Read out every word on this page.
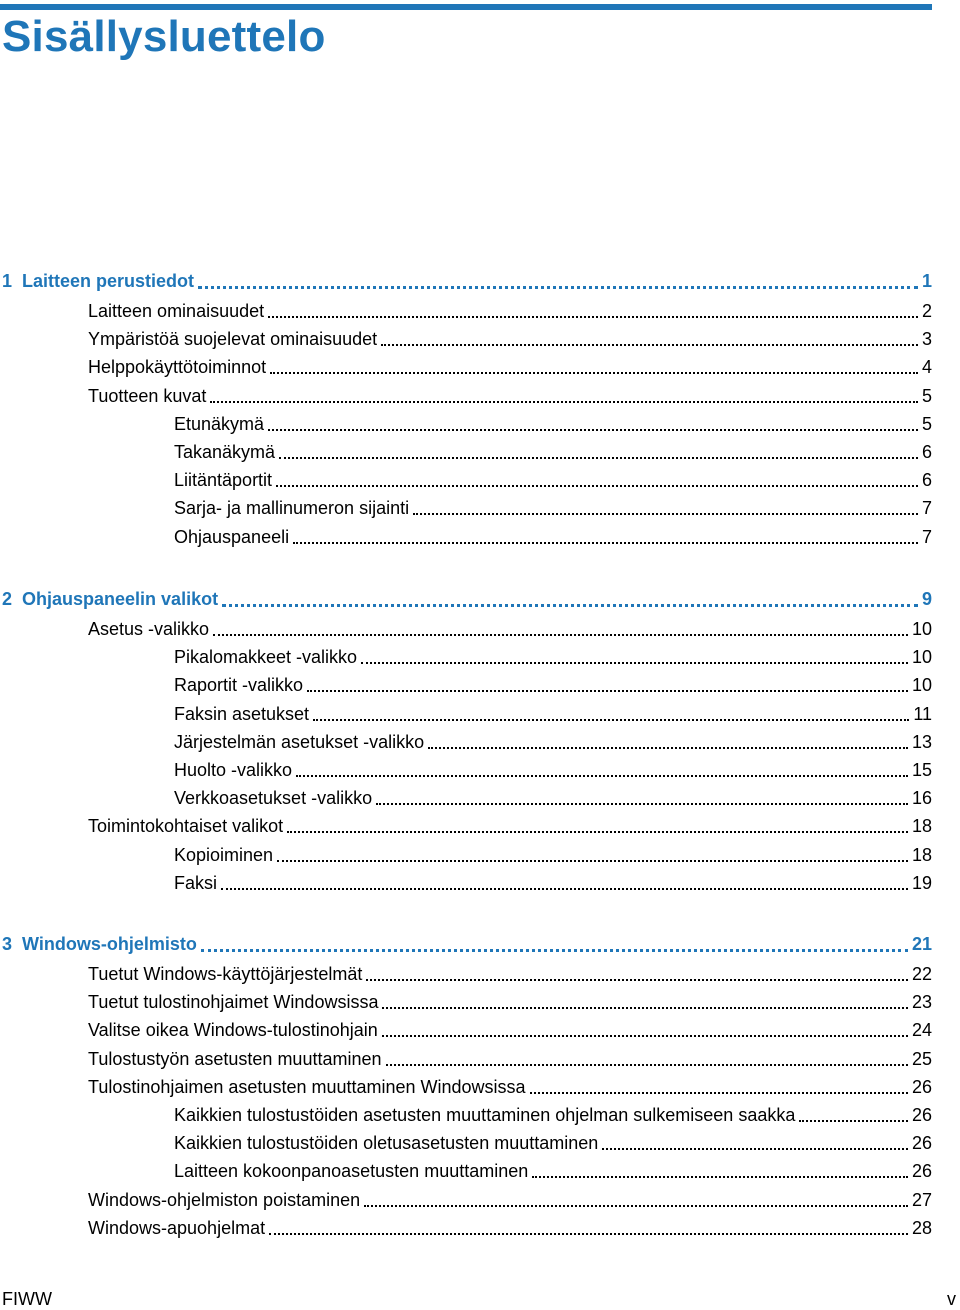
Sisällysluettelo
1 Laitteen perustiedot	1
Laitteen ominaisuudet	2
Ympäristöä suojelevat ominaisuudet	3
Helppokäyttötoiminnot	4
Tuotteen kuvat	5
Etunäkymä	5
Takanäkymä	6
Liitäntäportit	6
Sarja- ja mallinumeron sijainti	7
Ohjauspaneeli	7
2 Ohjauspaneelin valikot	9
Asetus -valikko	10
Pikalomakkeet -valikko	10
Raportit -valikko	10
Faksin asetukset	11
Järjestelmän asetukset -valikko	13
Huolto -valikko	15
Verkkoasetukset -valikko	16
Toimintokohtaiset valikot	18
Kopioiminen	18
Faksi	19
3 Windows-ohjelmisto	21
Tuetut Windows-käyttöjärjestelmät	22
Tuetut tulostinohjaimet Windowsissa	23
Valitse oikea Windows-tulostinohjain	24
Tulostustyön asetusten muuttaminen	25
Tulostinohjaimen asetusten muuttaminen Windowsissa	26
Kaikkien tulostustöiden asetusten muuttaminen ohjelman sulkemiseen saakka	26
Kaikkien tulostustöiden oletusasetusten muuttaminen	26
Laitteen kokoonpanoasetusten muuttaminen	26
Windows-ohjelmiston poistaminen	27
Windows-apuohjelmat	28
FIWW	v
